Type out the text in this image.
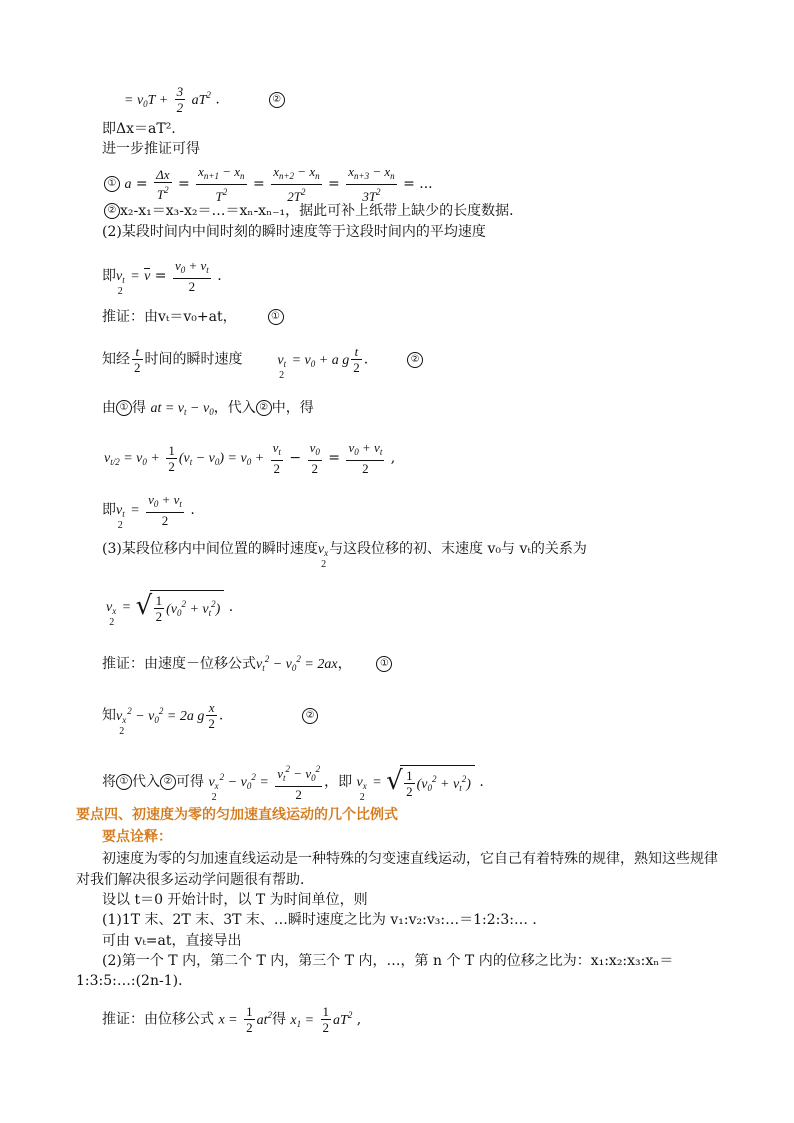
= $v_0T + \frac{3}{2} aT^2$ .	②
即Δx＝aT².
进一步推证可得
① $a = \frac{\Delta x}{T^2} = \frac{x_{n+1} - x_n}{T^2} = \frac{x_{n+2} - x_n}{2T^2} = \frac{x_{n+3} - x_n}{3T^2}$ = ...
② x₂-x₁＝x₃-x₂＝…＝xₙ-xₙ₋₁，据此可补上纸带上缺少的长度数据．
(2)某段时间内中间时刻的瞬时速度等于这段时间内的平均速度
即$v_{t2} = v = \frac{v_0 + v_t}{2}$ .
推证：由vₜ＝v₀+at，	①
知经 $\frac{t}{2}$ 时间的瞬时速度 $v_{t2} = v_0 + a$ g $\frac{t}{2}$ .	②
由 ① 得 at = $v_t - v_0$，代入 ② 中，得
$v_{t/2} = v_0 + \frac{1}{2} (v_t - v_0) = v_0 + \frac{v_t}{2} - \frac{v_0}{2} = \frac{v_0 + v_t}{2}$ ,
即$v_{t2} = \frac{v_0 + v_t}{2}$ .
(3)某段位移内中间位置的瞬时速度$v_{x2}$与这段位移的初、末速度 v₀与 vₜ的关系为
$v_{x2}$ = √ $\frac{1}{2} (v_0^2 + v_t^2)$ .
推证：由速度－位移公式$v_t^2 - v_0^2 = 2ax$，  ①
知$v_{x2}^2 - v_0^2 = 2a$ g $\frac{x}{2}$ .	②
将 ① 代入 ② 可得 $v_{x2}^2 - v_0^2 = \frac{v_t^2 - v_0^2}{2}$ ，即 $v_{x2}$ = √ $\frac{1}{2} (v_0^2 + v_t^2)$ .
要点四、初速度为零的匀加速直线运动的几个比例式
要点诠释：
初速度为零的匀加速直线运动是一种特殊的匀变速直线运动，它自己有着特殊的规律，熟知这些规律
对我们解决很多运动学问题很有帮助．
设以 t＝0 开始计时，以 T 为时间单位，则
(1)1T 末、2T 末、3T 末、…瞬时速度之比为 v₁:v₂:v₃:…＝1:2:3:… ．
可由 vₜ=at，直接导出
(2)第一个 T 内，第二个 T 内，第三个 T 内，…，第 n 个 T 内的位移之比为：x₁:x₂:x₃:xₙ＝
1:3:5:…:(2n-1)．
推证：由位移公式 $x = \frac{1}{2} at^2$得 $x_1 = \frac{1}{2} aT^2$ ,
